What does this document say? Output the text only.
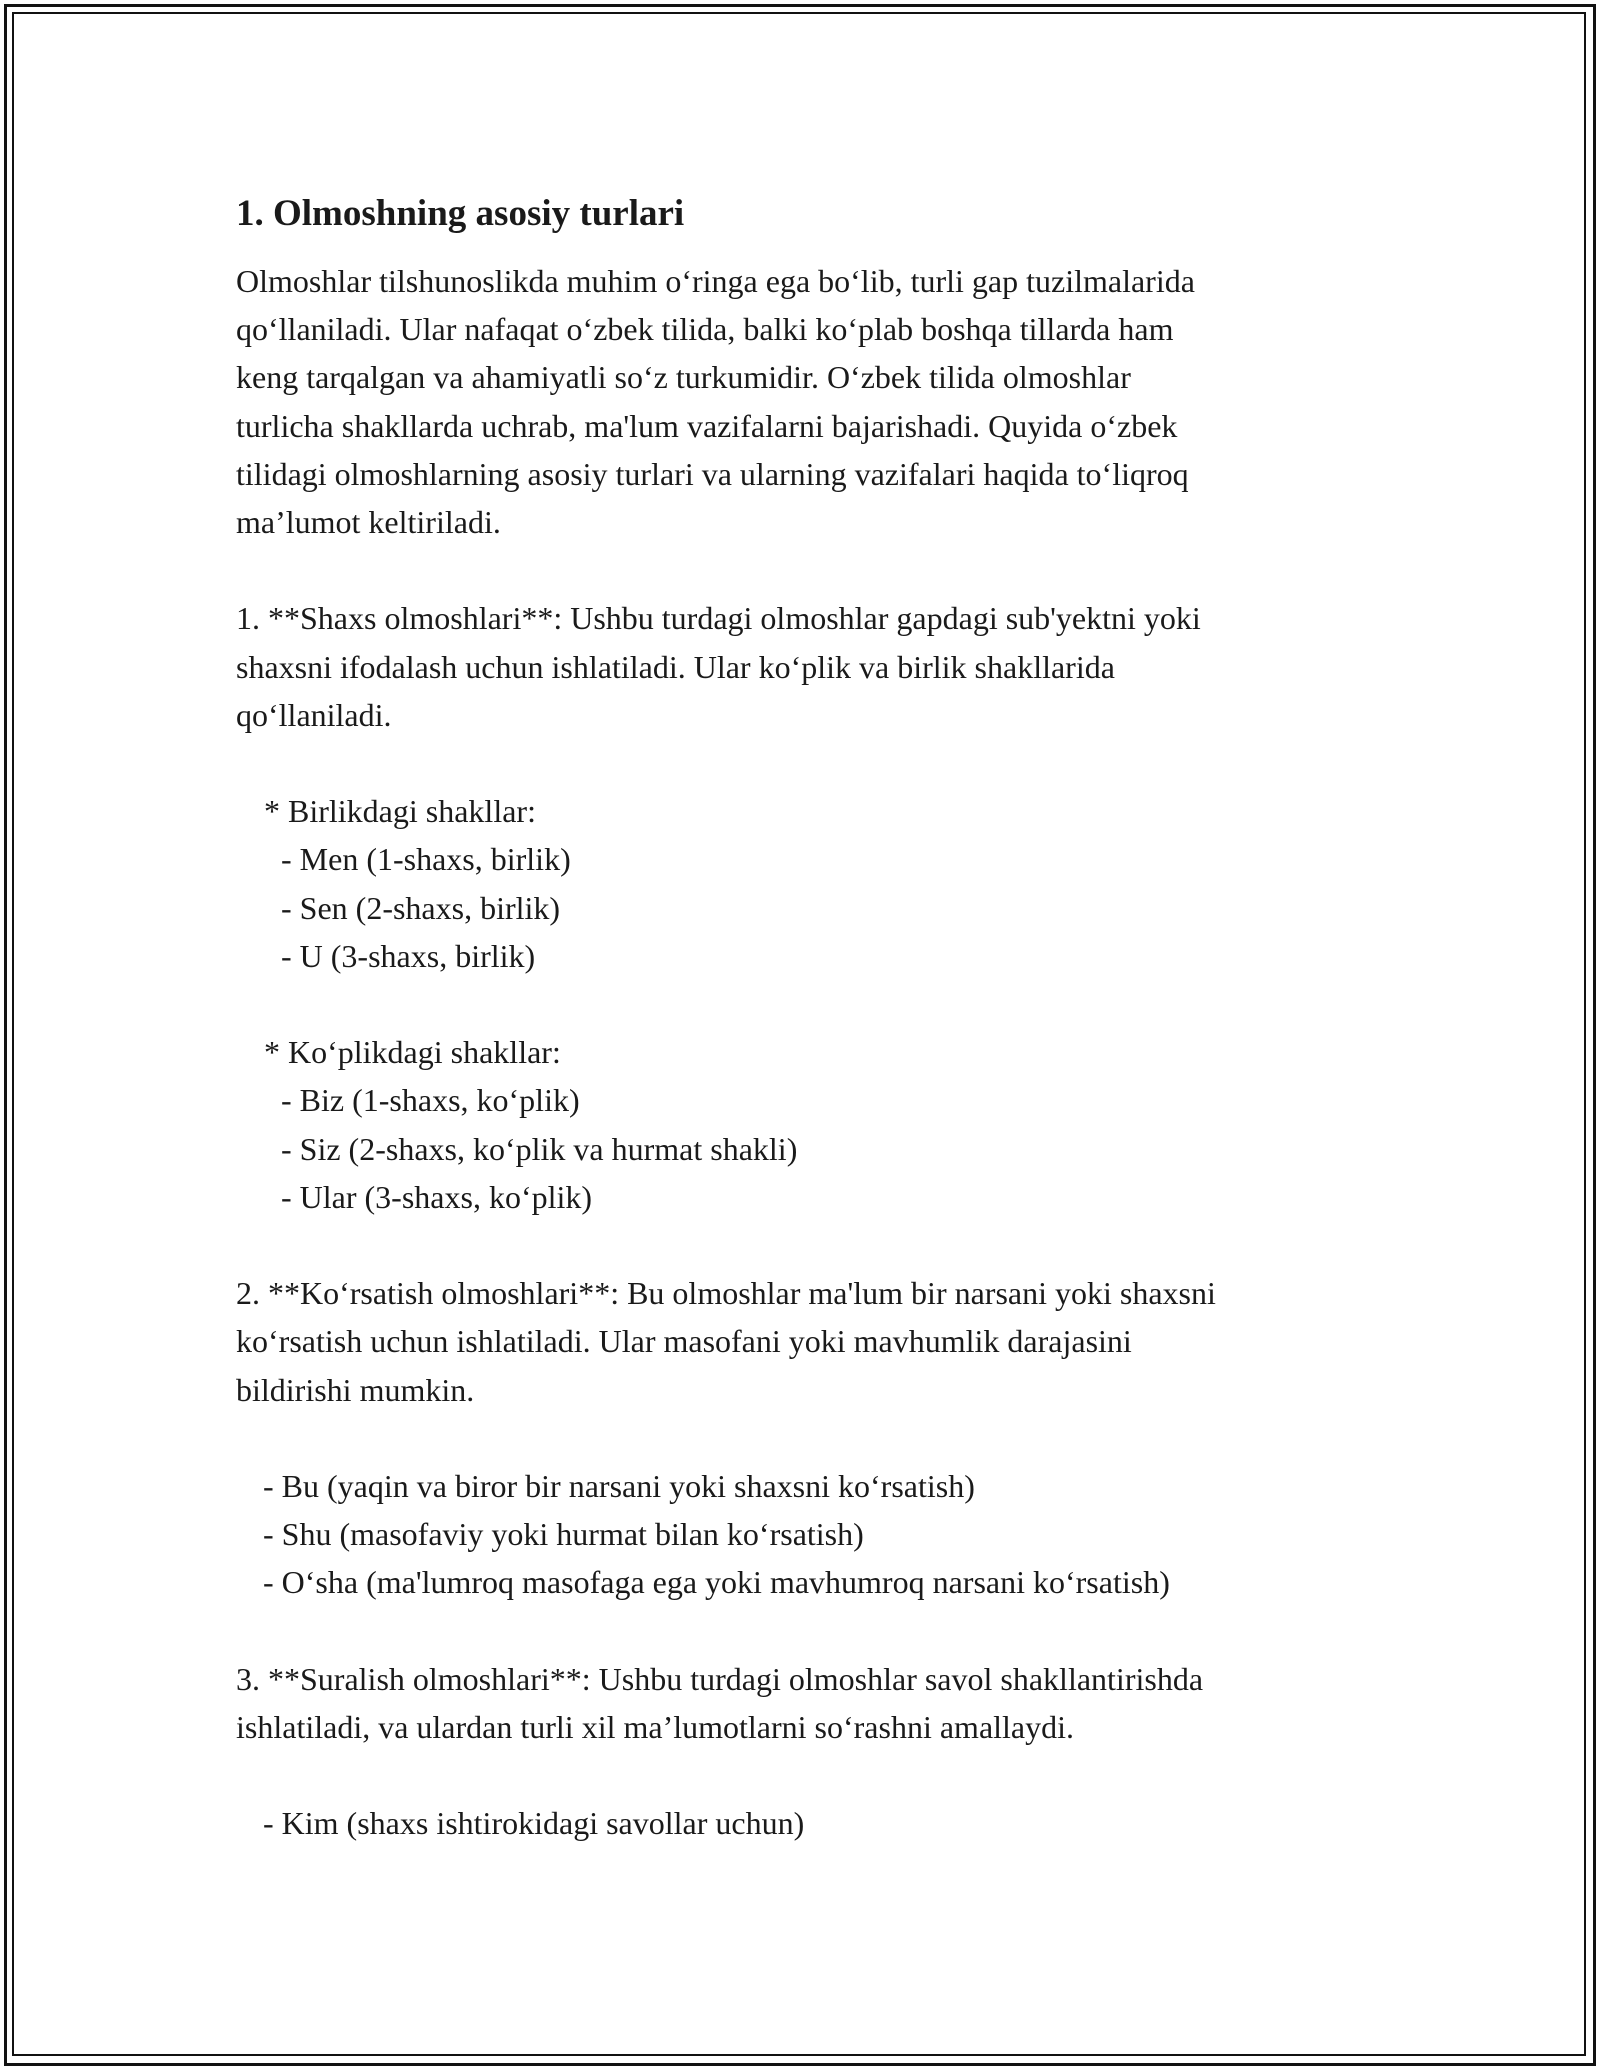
1. Olmoshning asosiy turlari
Olmoshlar tilshunoslikda muhim o‘ringa ega bo‘lib, turli gap tuzilmalarida
qo‘llaniladi. Ular nafaqat o‘zbek tilida, balki ko‘plab boshqa tillarda ham
keng tarqalgan va ahamiyatli so‘z turkumidir. O‘zbek tilida olmoshlar
turlicha shakllarda uchrab, ma'lum vazifalarni bajarishadi. Quyida o‘zbek
tilidagi olmoshlarning asosiy turlari va ularning vazifalari haqida to‘liqroq
ma’lumot keltiriladi.
1. **Shaxs olmoshlari**: Ushbu turdagi olmoshlar gapdagi sub'yektni yoki
shaxsni ifodalash uchun ishlatiladi. Ular ko‘plik va birlik shakllarida
qo‘llaniladi.
* Birlikdagi shakllar:
- Men (1-shaxs, birlik)
- Sen (2-shaxs, birlik)
- U (3-shaxs, birlik)
* Ko‘plikdagi shakllar:
- Biz (1-shaxs, ko‘plik)
- Siz (2-shaxs, ko‘plik va hurmat shakli)
- Ular (3-shaxs, ko‘plik)
2. **Ko‘rsatish olmoshlari**: Bu olmoshlar ma'lum bir narsani yoki shaxsni
ko‘rsatish uchun ishlatiladi. Ular masofani yoki mavhumlik darajasini
bildirishi mumkin.
- Bu (yaqin va biror bir narsani yoki shaxsni ko‘rsatish)
- Shu (masofaviy yoki hurmat bilan ko‘rsatish)
- O‘sha (ma'lumroq masofaga ega yoki mavhumroq narsani ko‘rsatish)
3. **Suralish olmoshlari**: Ushbu turdagi olmoshlar savol shakllantirishda
ishlatiladi, va ulardan turli xil ma’lumotlarni so‘rashni amallaydi.
- Kim (shaxs ishtirokidagi savollar uchun)
